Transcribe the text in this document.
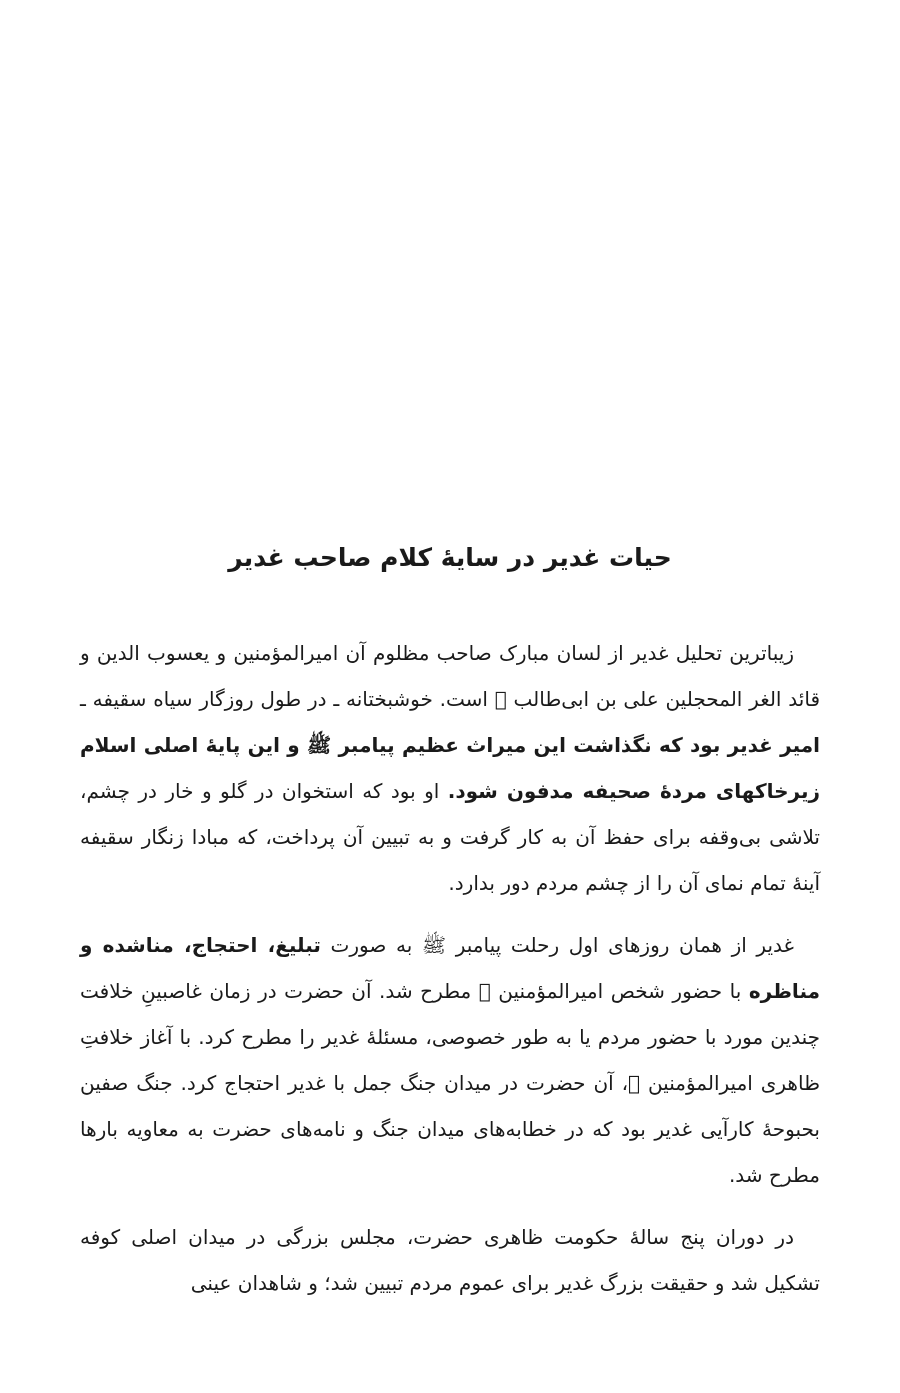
حیات غدیر در سایهٔ کلام صاحب غدیر

زیباترین تحلیل غدیر از لسان مبارک صاحب مظلوم آن امیرالمؤمنین و یعسوب الدین و قائد الغر المحجلین علی بن ابی‌طالب ﷣ است. خوشبختانه ـ در طول روزگار سیاه سقیفه ـ امیر غدیر بود که نگذاشت این میراث عظیم پیامبر ﷺ و این پایهٔ اصلی اسلام زیرخاکهای مردهٔ صحیفه مدفون شود. او بود که استخوان در گلو و خار در چشم، تلاشی بی‌وقفه برای حفظ آن به کار گرفت و به تبیین آن پرداخت، که مبادا زنگار سقیفه آینهٔ تمام نمای آن را از چشم مردم دور بدارد.

غدیر از همان روزهای اول رحلت پیامبر ﷺ به صورت تبلیغ، احتجاج، مناشده و مناظره با حضور شخص امیرالمؤمنین ﷣ مطرح شد. آن حضرت در زمان غاصبینِ خلافت چندین مورد با حضور مردم یا به طور خصوصی، مسئلهٔ غدیر را مطرح کرد. با آغاز خلافتِ ظاهری امیرالمؤمنین ﷣، آن حضرت در میدان جنگ جمل با غدیر احتجاج کرد. جنگ صفین بحبوحهٔ کارآیی غدیر بود که در خطابه‌های میدان جنگ و نامه‌های حضرت به معاویه بارها مطرح شد.

در دوران پنج سالهٔ حکومت ظاهری حضرت، مجلس بزرگی در میدان اصلی کوفه تشکیل شد و حقیقت بزرگ غدیر برای عموم مردم تبیین شد؛ و شاهدان عینی
